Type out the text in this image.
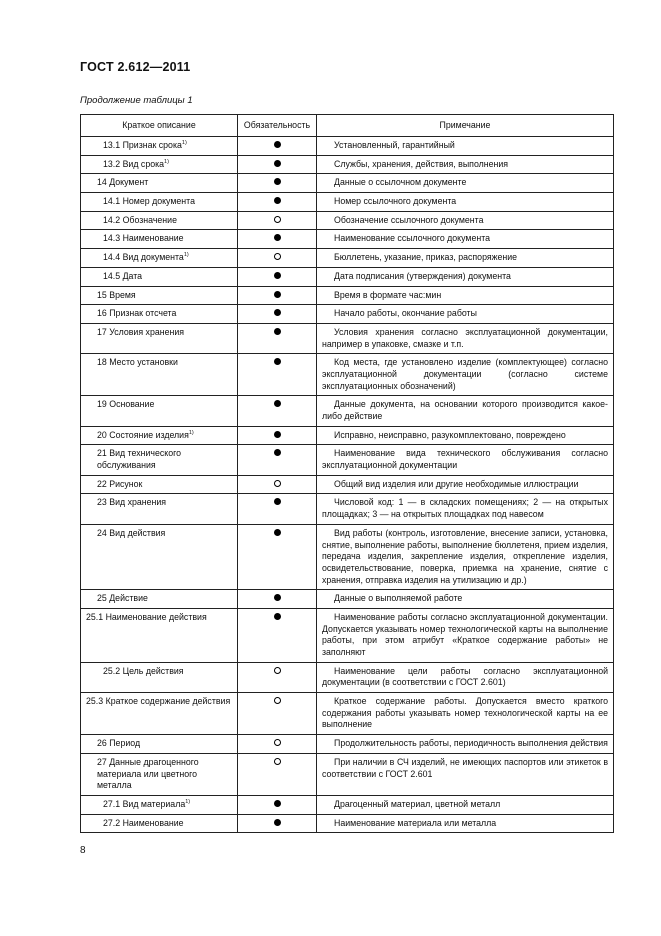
ГОСТ 2.612—2011
Продолжение таблицы 1
Краткое описание	Обязательность	Примечание
13.1 Признак срока$^{1)}$		Установленный, гарантийный
13.2 Вид срока$^{1)}$		Службы, хранения, действия, выполнения
14 Документ		Данные о ссылочном документе
14.1 Номер документа		Номер ссылочного документа
14.2 Обозначение		Обозначение ссылочного документа
14.3 Наименование		Наименование ссылочного документа
14.4 Вид документа$^{1)}$		Бюллетень, указание, приказ, распоряжение
14.5 Дата		Дата подписания (утверждения) документа
15 Время		Время в формате час:мин
16 Признак отсчета		Начало работы, окончание работы
17 Условия хранения		Условия хранения согласно эксплуатационной документации, например в упаковке, смазке и т.п.
18 Место установки		Код места, где установлено изделие (комплектующее) согласно эксплуатационной документации (согласно системе эксплуатационных обозначений)
19 Основание		Данные документа, на основании которого производится какое-либо действие
20 Состояние изделия$^{1)}$		Исправно, неисправно, разукомплектовано, повреждено
21 Вид технического обслуживания		Наименование вида технического обслуживания согласно эксплуатационной документации
22 Рисунок		Общий вид изделия или другие необходимые иллюстрации
23 Вид хранения		Числовой код: 1 — в складских помещениях; 2 — на открытых площадках; 3 — на открытых площадках под навесом
24 Вид действия		Вид работы (контроль, изготовление, внесение записи, установка, снятие, выполнение работы, выполнение бюллетеня, прием изделия, передача изделия, закрепление изделия, открепление изделия, освидетельствование, поверка, приемка на хранение, снятие с хранения, отправка изделия на утилизацию и др.)
25 Действие		Данные о выполняемой работе
25.1 Наименование действия		Наименование работы согласно эксплуатационной документации. Допускается указывать номер технологической карты на выполнение работы, при этом атрибут «Краткое содержание работы» не заполняют
25.2 Цель действия		Наименование цели работы согласно эксплуатационной документации (в соответствии с ГОСТ 2.601)
25.3 Краткое содержание действия		Краткое содержание работы. Допускается вместо краткого содержания работы указывать номер технологической карты на ее выполнение
26 Период		Продолжительность работы, периодичность выполнения действия
27 Данные драгоценного материала или цветного металла		При наличии в СЧ изделий, не имеющих паспортов или этикеток в соответствии с ГОСТ 2.601
27.1 Вид материала$^{1)}$		Драгоценный материал, цветной металл
27.2 Наименование		Наименование материала или металла
8
